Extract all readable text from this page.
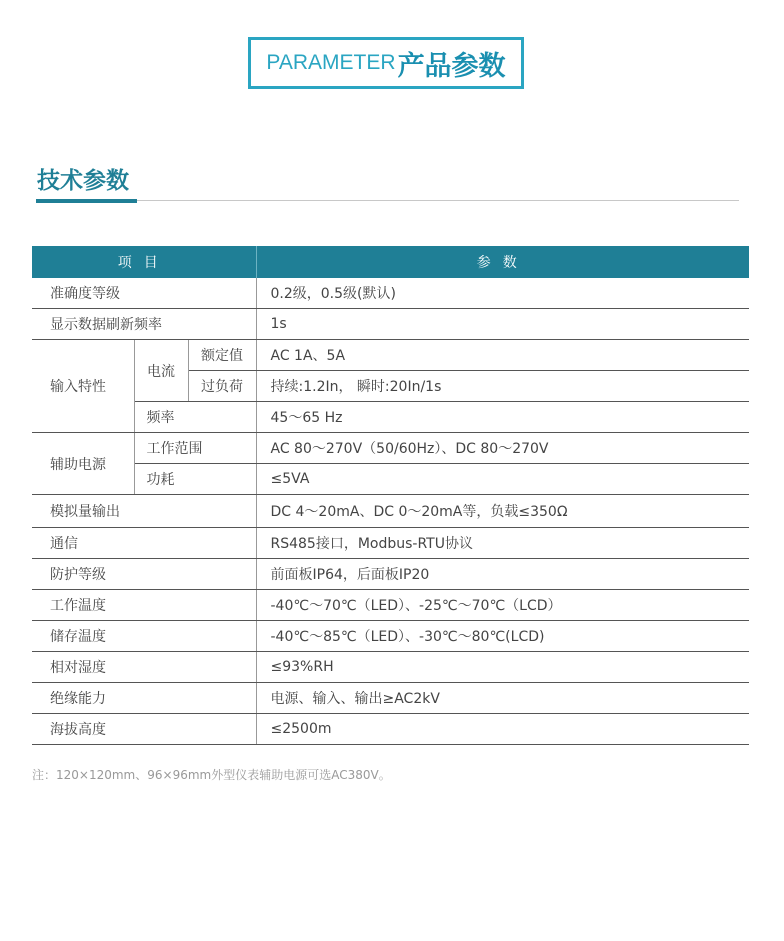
PARAMETER 产品参数
技术参数
项目			参数
准确度等级			0.2级，0.5级(默认)
显示数据刷新频率			1s
输入特性	电流	额定值	AC 1A、5A
		过负荷	持续:1.2In， 瞬时:20In/1s
	频率		45～65 Hz
辅助电源	工作范围		AC 80～270V（50/60Hz）、DC 80～270V
	功耗		≤5VA
模拟量输出			DC 4～20mA、DC 0～20mA等，负载≤350Ω
通信			RS485接口，Modbus-RTU协议
防护等级			前面板IP64，后面板IP20
工作温度			-40℃～70℃（LED）、-25℃～70℃（LCD）
储存温度			-40℃～85℃（LED）、-30℃～80℃(LCD)
相对湿度			≤93%RH
绝缘能力			电源、输入、输出≥AC2kV
海拔高度			≤2500m
注：120×120mm、96×96mm外型仪表辅助电源可选AC380V。
